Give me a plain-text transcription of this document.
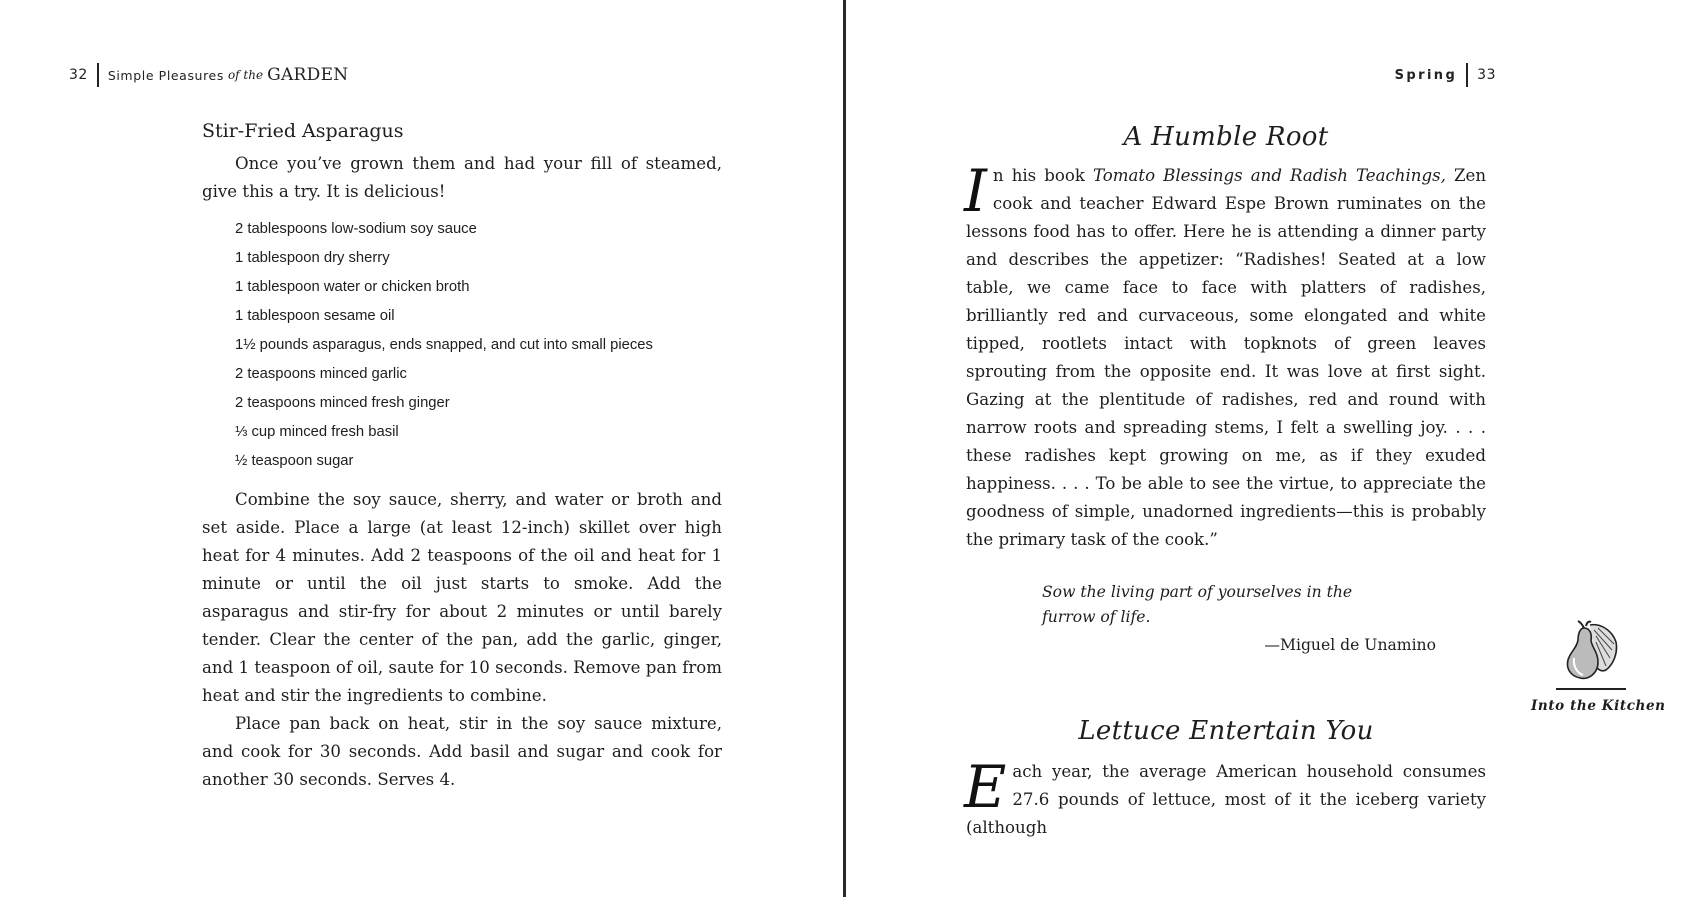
32 Simple Pleasures of the GARDEN
Stir-Fried Asparagus

Once you’ve grown them and had your fill of steamed, give this a try. It is delicious!

2 tablespoons low-sodium soy sauce
1 tablespoon dry sherry
1 tablespoon water or chicken broth
1 tablespoon sesame oil
1½ pounds asparagus, ends snapped, and cut into small pieces
2 teaspoons minced garlic
2 teaspoons minced fresh ginger
⅓ cup minced fresh basil
½ teaspoon sugar

Combine the soy sauce, sherry, and water or broth and set aside. Place a large (at least 12-inch) skillet over high heat for 4 minutes. Add 2 teaspoons of the oil and heat for 1 minute or until the oil just starts to smoke. Add the asparagus and stir-fry for about 2 minutes or until barely tender. Clear the center of the pan, add the garlic, ginger, and 1 teaspoon of oil, saute for 10 seconds. Remove pan from heat and stir the ingredients to combine.

Place pan back on heat, stir in the soy sauce mixture, and cook for 30 seconds. Add basil and sugar and cook for another 30 seconds. Serves 4.

Spring 33
A Humble Root

In his book Tomato Blessings and Radish Teachings, Zen cook and teacher Edward Espe Brown ruminates on the lessons food has to offer. Here he is attending a dinner party and describes the appetizer: “Radishes! Seated at a low table, we came face to face with platters of radishes, brilliantly red and curvaceous, some elongated and white tipped, rootlets intact with topknots of green leaves sprouting from the opposite end. It was love at first sight. Gazing at the plentitude of radishes, red and round with narrow roots and spreading stems, I felt a swelling joy. . . . these radishes kept growing on me, as if they exuded happiness. . . . To be able to see the virtue, to appreciate the goodness of simple, unadorned ingredients—this is probably the primary task of the cook.”

Sow the living part of yourselves in the furrow of life.
—Miguel de Unamino
Lettuce Entertain You

Each year, the average American household consumes 27.6 pounds of lettuce, most of it the iceberg variety (although

Into the Kitchen
